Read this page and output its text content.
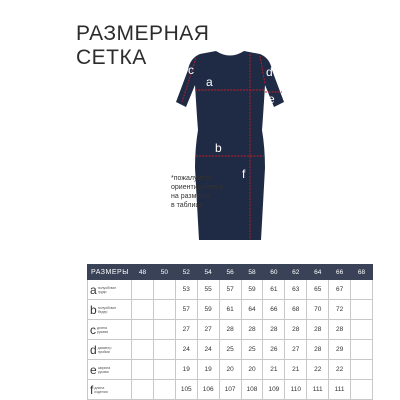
РАЗМЕРНАЯ
СЕТКА
a
b
c	d
e
f
*пожалуйста,
ориентируйтесь
на размеры
в таблице
РАЗМЕРЫ	48	50	52	54	56	58	60	62	64	66	68
a полуобхват
груди			53	55	57	59	61	63	65	67	
b полуобхват
бедер			57	59	61	64	66	68	70	72	
c длина
рукава			27	27	28	28	28	28	28	28	
d диаметр
пройми			24	24	25	25	26	27	28	29	
e ширина
рукава			19	19	20	20	21	21	22	22	
f длина
изделия			105	106	107	108	109	110	111	111	
